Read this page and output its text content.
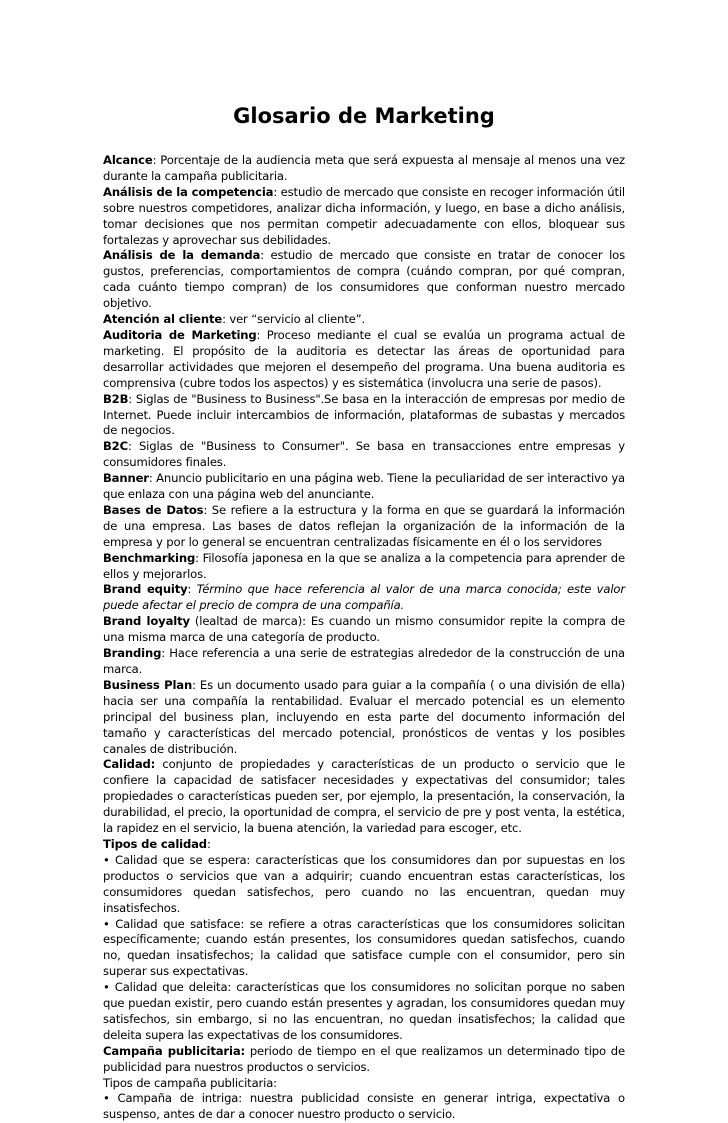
Glosario de Marketing

Alcance: Porcentaje de la audiencia meta que será expuesta al mensaje al menos una vez durante la campaña publicitaria.

Análisis de la competencia: estudio de mercado que consiste en recoger información útil sobre nuestros competidores, analizar dicha información, y luego, en base a dicho análisis, tomar decisiones que nos permitan competir adecuadamente con ellos, bloquear sus fortalezas y aprovechar sus debilidades.

Análisis de la demanda: estudio de mercado que consiste en tratar de conocer los gustos, preferencias, comportamientos de compra (cuándo compran, por qué compran, cada cuánto tiempo compran) de los consumidores que conforman nuestro mercado objetivo.

Atención al cliente: ver “servicio al cliente”.

Auditoria de Marketing: Proceso mediante el cual se evalúa un programa actual de marketing. El propósito de la auditoria es detectar las áreas de oportunidad para desarrollar actividades que mejoren el desempeño del programa. Una buena auditoria es comprensiva (cubre todos los aspectos) y es sistemática (involucra una serie de pasos).

B2B: Siglas de "Business to Business".Se basa en la interacción de empresas por medio de Internet. Puede incluir intercambios de información, plataformas de subastas y mercados de negocios.

B2C: Siglas de "Business to Consumer". Se basa en transacciones entre empresas y consumidores finales.

Banner: Anuncio publicitario en una página web. Tiene la peculiaridad de ser interactivo ya que enlaza con una página web del anunciante.

Bases de Datos: Se refiere a la estructura y la forma en que se guardará la información de una empresa. Las bases de datos reflejan la organización de la información de la empresa y por lo general se encuentran centralizadas físicamente en él o los servidores

Benchmarking: Filosofía japonesa en la que se analiza a la competencia para aprender de ellos y mejorarlos.

Brand equity: Término que hace referencia al valor de una marca conocida; este valor puede afectar el precio de compra de una compañía.

Brand loyalty (lealtad de marca): Es cuando un mismo consumidor repite la compra de una misma marca de una categoría de producto.

Branding: Hace referencia a una serie de estrategias alrededor de la construcción de una marca.

Business Plan: Es un documento usado para guiar a la compañía ( o una división de ella) hacia ser una compañía la rentabilidad. Evaluar el mercado potencial es un elemento principal del business plan, incluyendo en esta parte del documento información del tamaño y características del mercado potencial, pronósticos de ventas y los posibles canales de distribución.

Calidad: conjunto de propiedades y características de un producto o servicio que le confiere la capacidad de satisfacer necesidades y expectativas del consumidor; tales propiedades o características pueden ser, por ejemplo, la presentación, la conservación, la durabilidad, el precio, la oportunidad de compra, el servicio de pre y post venta, la estética, la rapidez en el servicio, la buena atención, la variedad para escoger, etc.

Tipos de calidad:

• Calidad que se espera: características que los consumidores dan por supuestas en los productos o servicios que van a adquirir; cuando encuentran estas características, los consumidores quedan satisfechos, pero cuando no las encuentran, quedan muy insatisfechos.

• Calidad que satisface: se refiere a otras características que los consumidores solicitan específicamente; cuando están presentes, los consumidores quedan satisfechos, cuando no, quedan insatisfechos; la calidad que satisface cumple con el consumidor, pero sin superar sus expectativas.

• Calidad que deleita: características que los consumidores no solicitan porque no saben que puedan existir, pero cuando están presentes y agradan, los consumidores quedan muy satisfechos, sin embargo, si no las encuentran, no quedan insatisfechos; la calidad que deleita supera las expectativas de los consumidores.

Campaña publicitaria: periodo de tiempo en el que realizamos un determinado tipo de publicidad para nuestros productos o servicios.

Tipos de campaña publicitaria:

• Campaña de intriga: nuestra publicidad consiste en generar intriga, expectativa o suspenso, antes de dar a conocer nuestro producto o servicio.
